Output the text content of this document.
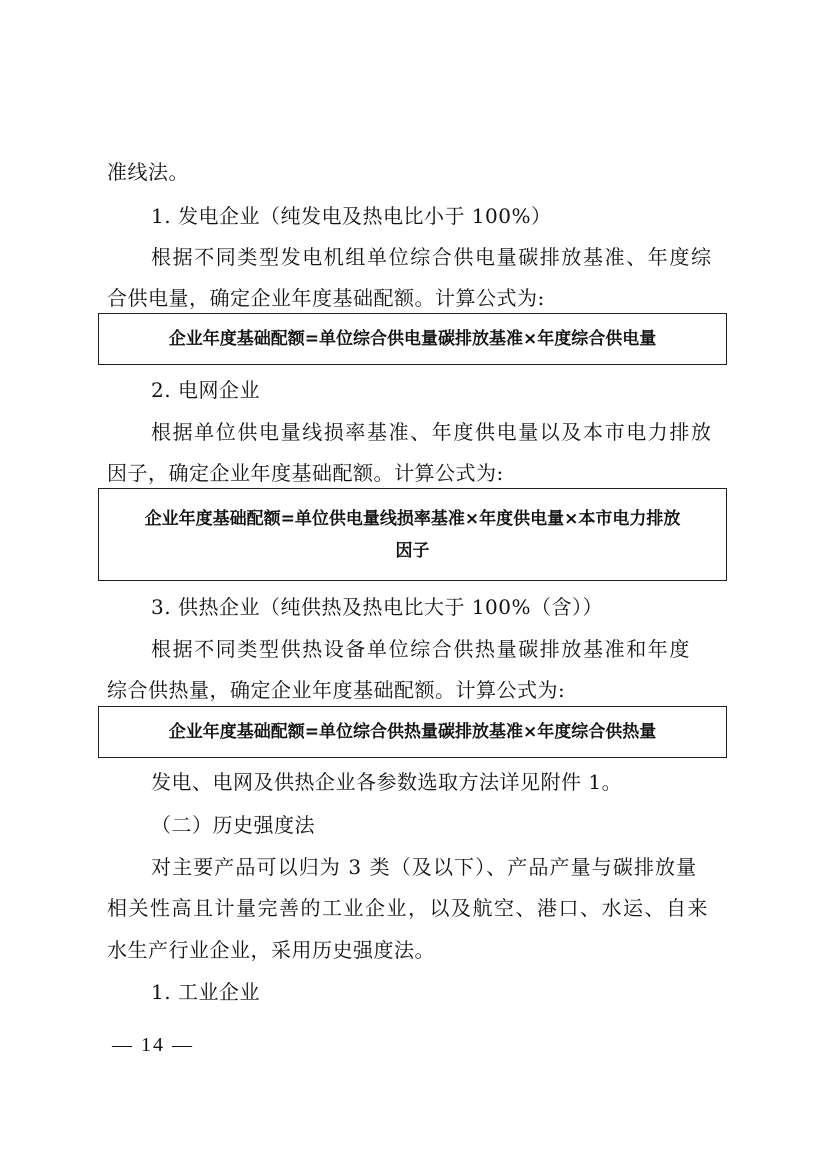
准线法。
1. 发电企业（纯发电及热电比小于 100%）
根据不同类型发电机组单位综合供电量碳排放基准、年度综
合供电量，确定企业年度基础配额。计算公式为:
企业年度基础配额=单位综合供电量碳排放基准×年度综合供电量
2. 电网企业
根据单位供电量线损率基准、年度供电量以及本市电力排放
因子，确定企业年度基础配额。计算公式为:
企业年度基础配额=单位供电量线损率基准×年度供电量×本市电力排放
因子
3. 供热企业（纯供热及热电比大于 100%（含））
根据不同类型供热设备单位综合供热量碳排放基准和年度
综合供热量，确定企业年度基础配额。计算公式为:
企业年度基础配额=单位综合供热量碳排放基准×年度综合供热量
发电、电网及供热企业各参数选取方法详见附件 1。
（二）历史强度法
对主要产品可以归为 3 类（及以下）、产品产量与碳排放量
相关性高且计量完善的工业企业，以及航空、港口、水运、自来
水生产行业企业，采用历史强度法。
1. 工业企业
— 14 —
